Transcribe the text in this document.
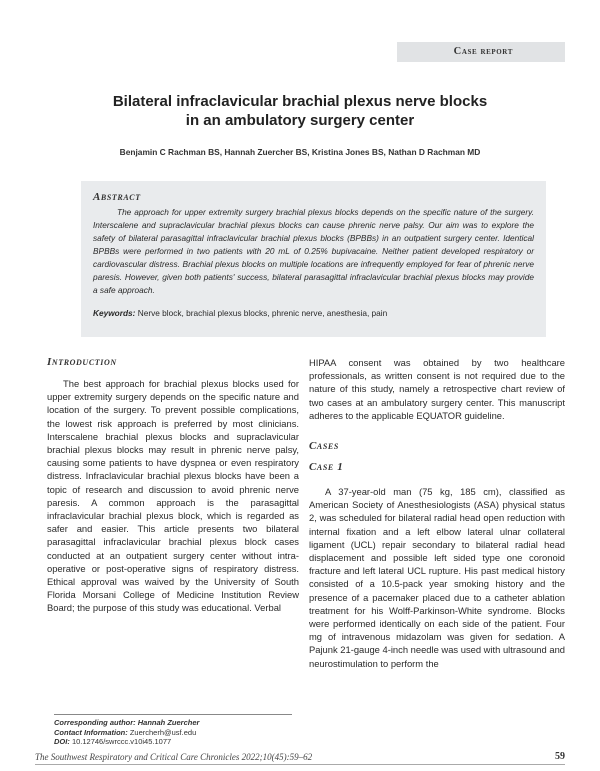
Case report
Bilateral infraclavicular brachial plexus nerve blocks
in an ambulatory surgery center
Benjamin C Rachman BS, Hannah Zuercher BS, Kristina Jones BS, Nathan D Rachman MD
Abstract

The approach for upper extremity surgery brachial plexus blocks depends on the specific nature of the surgery. Interscalene and supraclavicular brachial plexus blocks can cause phrenic nerve palsy. Our aim was to explore the safety of bilateral parasagittal infraclavicular brachial plexus blocks (BPBBs) in an outpatient surgery center. Identical BPBBs were performed in two patients with 20 mL of 0.25% bupivacaine. Neither patient developed respiratory or cardiovascular distress. Brachial plexus blocks on multiple locations are infrequently employed for fear of phrenic nerve paresis. However, given both patients' success, bilateral parasagittal infraclavicular brachial plexus blocks may provide a safe approach.

Keywords: Nerve block, brachial plexus blocks, phrenic nerve, anesthesia, pain
Introduction

The best approach for brachial plexus blocks used for upper extremity surgery depends on the specific nature and location of the surgery. To prevent possible complications, the lowest risk approach is preferred by most clinicians. Interscalene brachial plexus blocks and supraclavicular brachial plexus blocks may result in phrenic nerve palsy, causing some patients to have dyspnea or even respiratory distress. Infraclavicular brachial plexus blocks have been a topic of research and discussion to avoid phrenic nerve paresis. A common approach is the parasagittal infraclavicular brachial plexus block, which is regarded as safer and easier. This article presents two bilateral parasagittal infraclavicular brachial plexus block cases conducted at an outpatient surgery center without intra-operative or post-operative signs of respiratory distress. Ethical approval was waived by the University of South Florida Morsani College of Medicine Institution Review Board; the purpose of this study was educational. Verbal

HIPAA consent was obtained by two healthcare professionals, as written consent is not required due to the nature of this study, namely a retrospective chart review of two cases at an ambulatory surgery center. This manuscript adheres to the applicable EQUATOR guideline.

Cases
Case 1

A 37-year-old man (75 kg, 185 cm), classified as American Society of Anesthesiologists (ASA) physical status 2, was scheduled for bilateral radial head open reduction with internal fixation and a left elbow lateral ulnar collateral ligament (UCL) repair secondary to bilateral radial head displacement and possible left sided type one coronoid fracture and left lateral UCL rupture. His past medical history consisted of a 10.5-pack year smoking history and the presence of a pacemaker placed due to a catheter ablation treatment for his Wolff-Parkinson-White syndrome. Blocks were performed identically on each side of the patient. Four mg of intravenous midazolam was given for sedation. A Pajunk 21-gauge 4-inch needle was used with ultrasound and neurostimulation to perform the

Corresponding author: Hannah Zuercher
Contact Information: Zuercherh@usf.edu
DOI: 10.12746/swrccc.v10i45.1077
The Southwest Respiratory and Critical Care Chronicles 2022;10(45):59–62	59
